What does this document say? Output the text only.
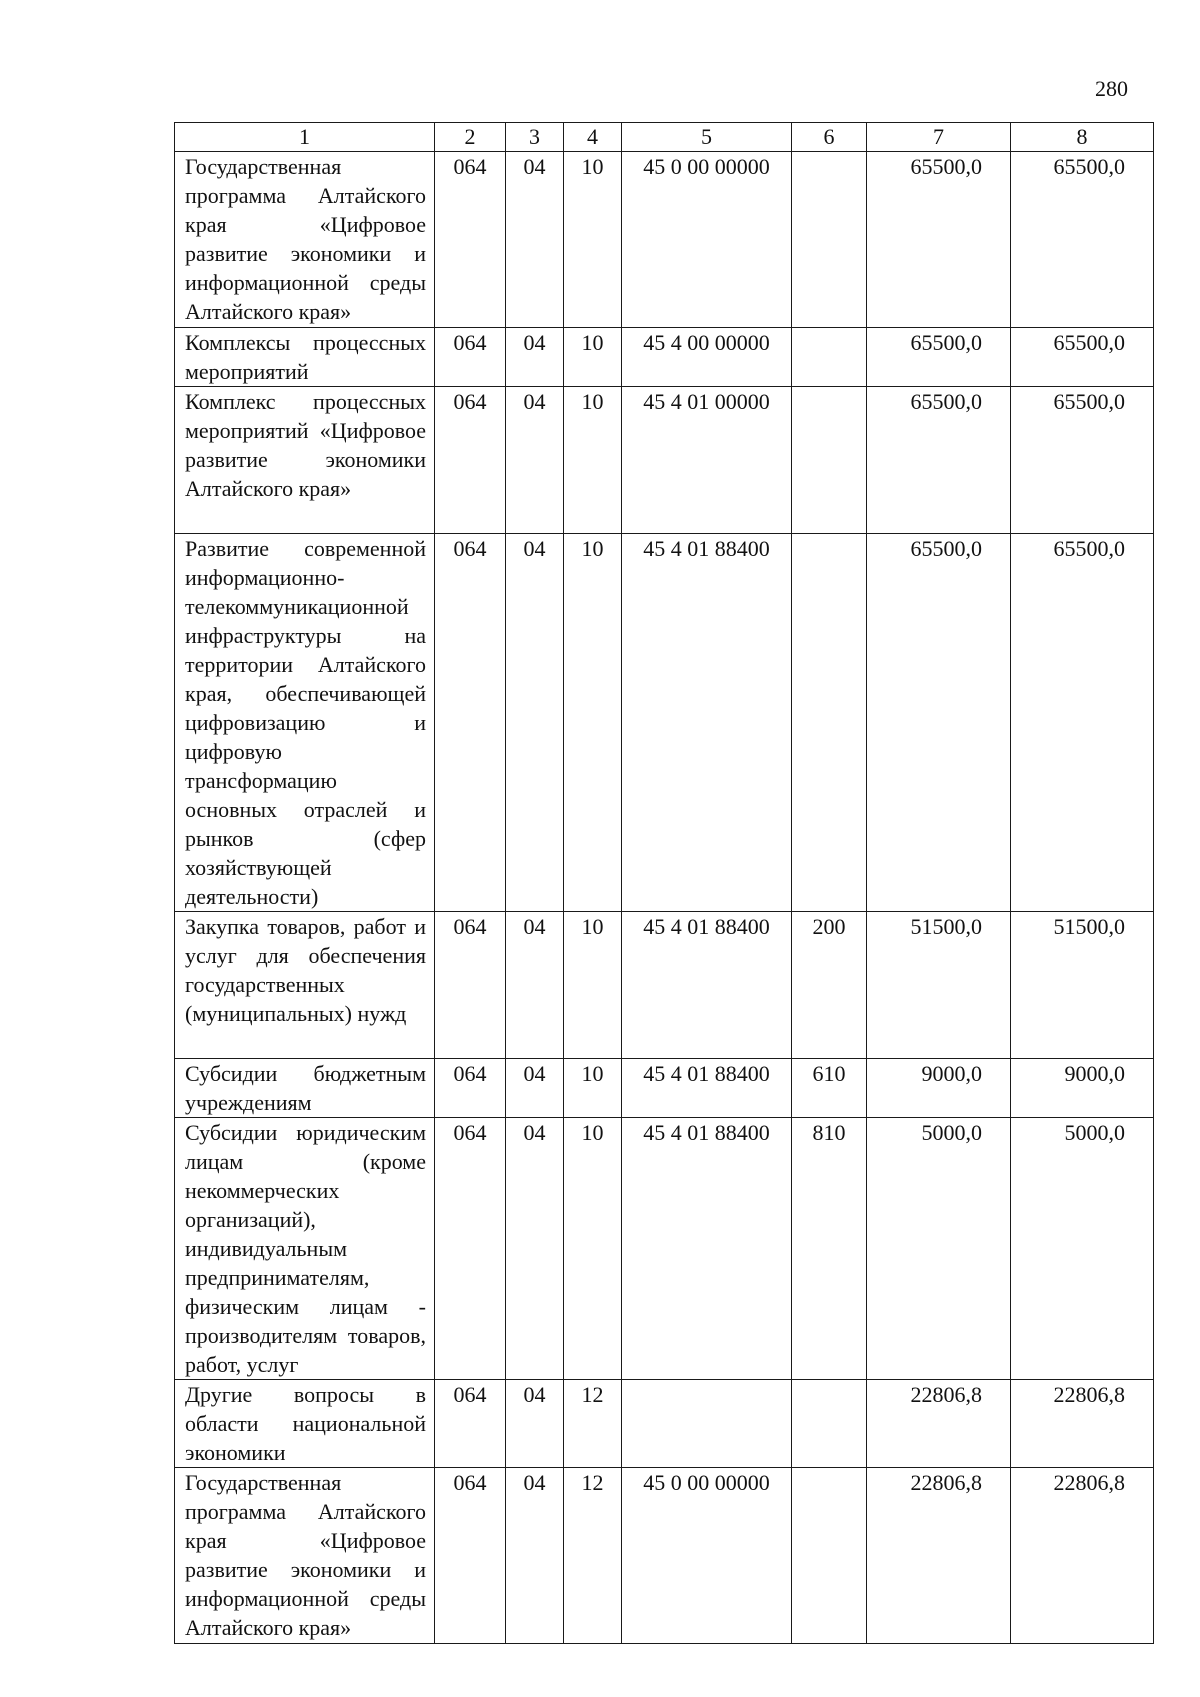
280
1	2	3	4	5	6	7	8
Государственная программа Алтайского края «Цифровое развитие экономики и информационной среды Алтайского края»	064	04	10	45 0 00 00000		65500,0	65500,0
Комплексы процессных мероприятий	064	04	10	45 4 00 00000		65500,0	65500,0
Комплекс процессных мероприятий «Цифровое развитие экономики Алтайского края»	064	04	10	45 4 01 00000		65500,0	65500,0
Развитие современной информационно-телекоммуникационной инфраструктуры на территории Алтайского края, обеспечивающей цифровизацию и цифровую трансформацию основных отраслей и рынков (сфер хозяйствующей деятельности)	064	04	10	45 4 01 88400		65500,0	65500,0
Закупка товаров, работ и услуг для обеспечения государственных (муниципальных) нужд	064	04	10	45 4 01 88400	200	51500,0	51500,0
Субсидии бюджетным учреждениям	064	04	10	45 4 01 88400	610	9000,0	9000,0
Субсидии юридическим лицам (кроме некоммерческих организаций), индивидуальным предпринимателям, физическим лицам - производителям товаров, работ, услуг	064	04	10	45 4 01 88400	810	5000,0	5000,0
Другие вопросы в области национальной экономики	064	04	12			22806,8	22806,8
Государственная программа Алтайского края «Цифровое развитие экономики и информационной среды Алтайского края»	064	04	12	45 0 00 00000		22806,8	22806,8
